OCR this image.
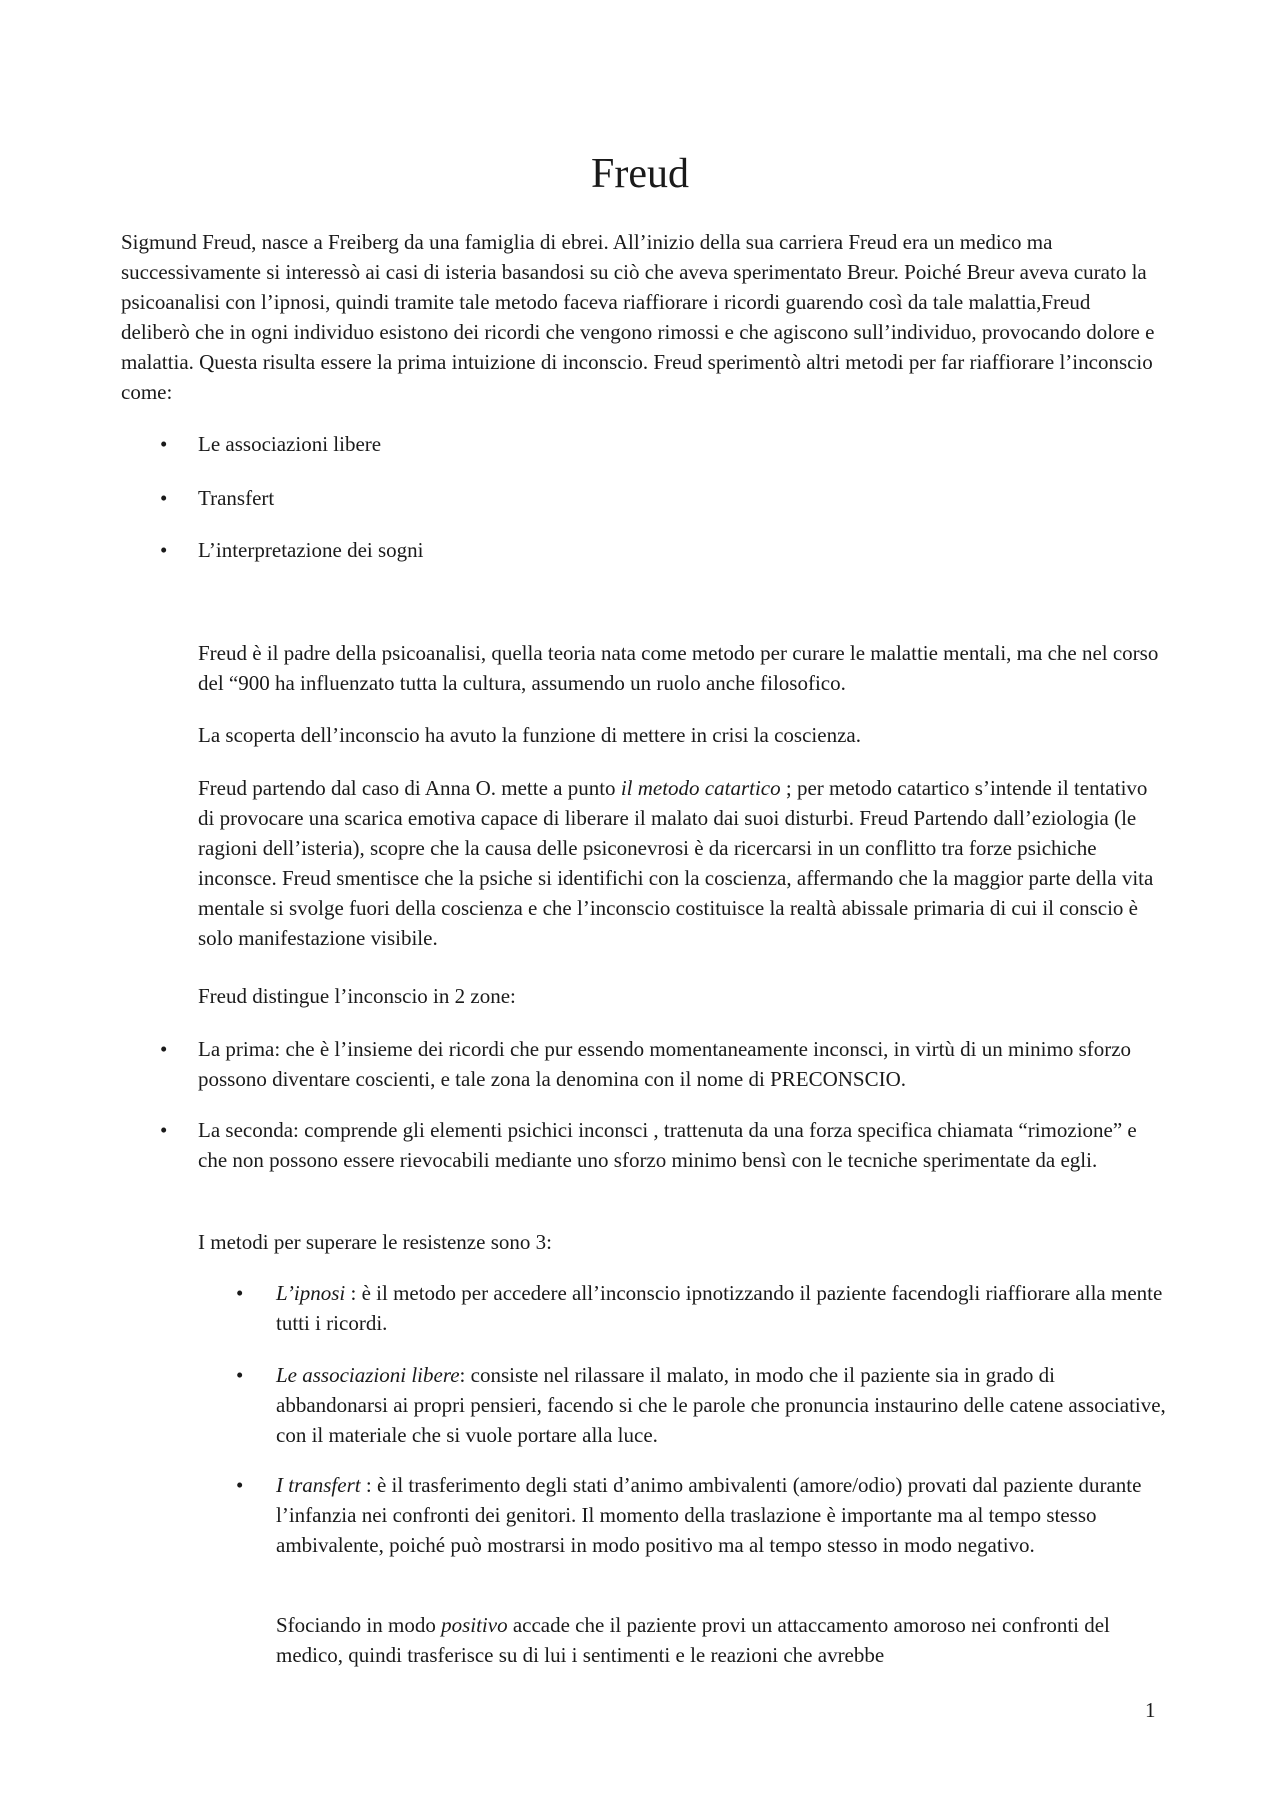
Freud

Sigmund Freud, nasce a Freiberg da una famiglia di ebrei. All’inizio della sua carriera Freud era un medico ma successivamente si interessò ai casi di isteria basandosi su ciò che aveva sperimentato Breur. Poiché Breur aveva curato la psicoanalisi con l’ipnosi, quindi tramite tale metodo faceva riaffiorare i ricordi guarendo così da tale malattia,Freud deliberò che in ogni individuo esistono dei ricordi che vengono rimossi e che agiscono sull’individuo, provocando dolore e malattia. Questa risulta essere la prima intuizione di inconscio. Freud sperimentò altri metodi per far riaffiorare l’inconscio come:

• Le associazioni libere
• Transfert
• L’interpretazione dei sogni

Freud è il padre della psicoanalisi, quella teoria nata come metodo per curare le malattie mentali, ma che nel corso del “900 ha influenzato tutta la cultura, assumendo un ruolo anche filosofico.

La scoperta dell’inconscio ha avuto la funzione di mettere in crisi la coscienza.

Freud partendo dal caso di Anna O. mette a punto il metodo catartico ; per metodo catartico s’intende il tentativo di provocare una scarica emotiva capace di liberare il malato dai suoi disturbi. Freud Partendo dall’eziologia (le ragioni dell’isteria), scopre che la causa delle psiconevrosi è da ricercarsi in un conflitto tra forze psichiche inconsce. Freud smentisce che la psiche si identifichi con la coscienza, affermando che la maggior parte della vita mentale si svolge fuori della coscienza e che l’inconscio costituisce la realtà abissale primaria di cui il conscio è solo manifestazione visibile.

Freud distingue l’inconscio in 2 zone:

• La prima: che è l’insieme dei ricordi che pur essendo momentaneamente inconsci, in virtù di un minimo sforzo possono diventare coscienti, e tale zona la denomina con il nome di PRECONSCIO.
• La seconda: comprende gli elementi psichici inconsci , trattenuta da una forza specifica chiamata “rimozione” e che non possono essere rievocabili mediante uno sforzo minimo bensì con le tecniche sperimentate da egli.

I metodi per superare le resistenze sono 3:

• L’ipnosi : è il metodo per accedere all’inconscio ipnotizzando il paziente facendogli riaffiorare alla mente tutti i ricordi.
• Le associazioni libere: consiste nel rilassare il malato, in modo che il paziente sia in grado di abbandonarsi ai propri pensieri, facendo si che le parole che pronuncia instaurino delle catene associative, con il materiale che si vuole portare alla luce.
• I transfert : è il trasferimento degli stati d’animo ambivalenti (amore/odio) provati dal paziente durante l’infanzia nei confronti dei genitori. Il momento della traslazione è importante ma al tempo stesso ambivalente, poiché può mostrarsi in modo positivo ma al tempo stesso in modo negativo.

Sfociando in modo positivo accade che il paziente provi un attaccamento amoroso nei confronti del medico, quindi trasferisce su di lui i sentimenti e le reazioni che avrebbe

1
